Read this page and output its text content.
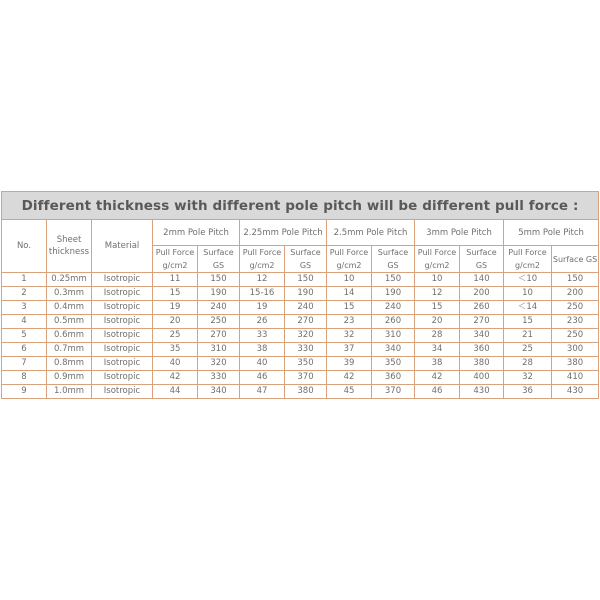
Different thickness with different pole pitch will be different pull force :												
No.	Sheet thickness	Material	2mm Pole Pitch		2.25mm Pole Pitch		2.5mm Pole Pitch		3mm Pole Pitch		5mm Pole Pitch	
			Pull Force g/cm2	Surface GS	Pull Force g/cm2	Surface GS	Pull Force g/cm2	Surface GS	Pull Force g/cm2	Surface GS	Pull Force g/cm2	Surface GS
1	0.25mm	Isotropic	11	150	12	150	10	150	10	140	＜10	150
2	0.3mm	Isotropic	15	190	15-16	190	14	190	12	200	10	200
3	0.4mm	Isotropic	19	240	19	240	15	240	15	260	＜14	250
4	0.5mm	Isotropic	20	250	26	270	23	260	20	270	15	230
5	0.6mm	Isotropic	25	270	33	320	32	310	28	340	21	250
6	0.7mm	Isotropic	35	310	38	330	37	340	34	360	25	300
7	0.8mm	Isotropic	40	320	40	350	39	350	38	380	28	380
8	0.9mm	Isotropic	42	330	46	370	42	360	42	400	32	410
9	1.0mm	Isotropic	44	340	47	380	45	370	46	430	36	430
